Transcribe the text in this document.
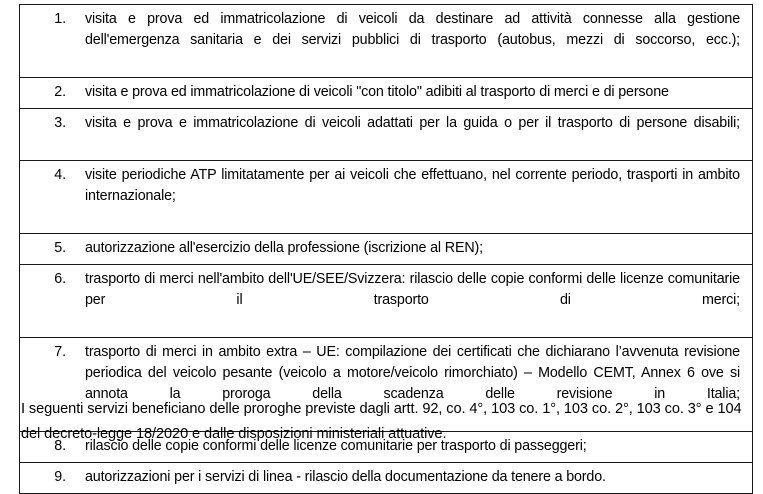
1.	visita e prova ed immatricolazione di veicoli da destinare ad attività connesse alla gestione dell'emergenza sanitaria e dei servizi pubblici di trasporto (autobus, mezzi di soccorso, ecc.);

2.	visita e prova ed immatricolazione di veicoli "con titolo" adibiti al trasporto di merci e di persone

3.	visita e prova e immatricolazione di veicoli adattati per la guida o per il trasporto di persone disabili;

4.	visite periodiche ATP limitatamente per ai veicoli che effettuano, nel corrente periodo, trasporti in ambito internazionale;

5.	autorizzazione all'esercizio della professione (iscrizione al REN);

6.	trasporto di merci nell'ambito dell'UE/SEE/Svizzera: rilascio delle copie conformi delle licenze comunitarie per il trasporto di merci;

7.	trasporto di merci in ambito extra – UE: compilazione dei certificati che dichiarano l’avvenuta revisione periodica del veicolo pesante (veicolo a motore/veicolo rimorchiato) – Modello CEMT, Annex 6 ove si annota la proroga della scadenza delle revisione in Italia;

8.	rilascio delle copie conformi delle licenze comunitarie per trasporto di passeggeri;

9.	autorizzazioni per i servizi di linea - rilascio della documentazione da tenere a bordo.

I seguenti servizi beneficiano delle proroghe previste dagli artt. 92, co. 4°, 103 co. 1°, 103 co. 2°, 103 co. 3° e 104 del decreto-legge 18/2020 e dalle disposizioni ministeriali attuative.
